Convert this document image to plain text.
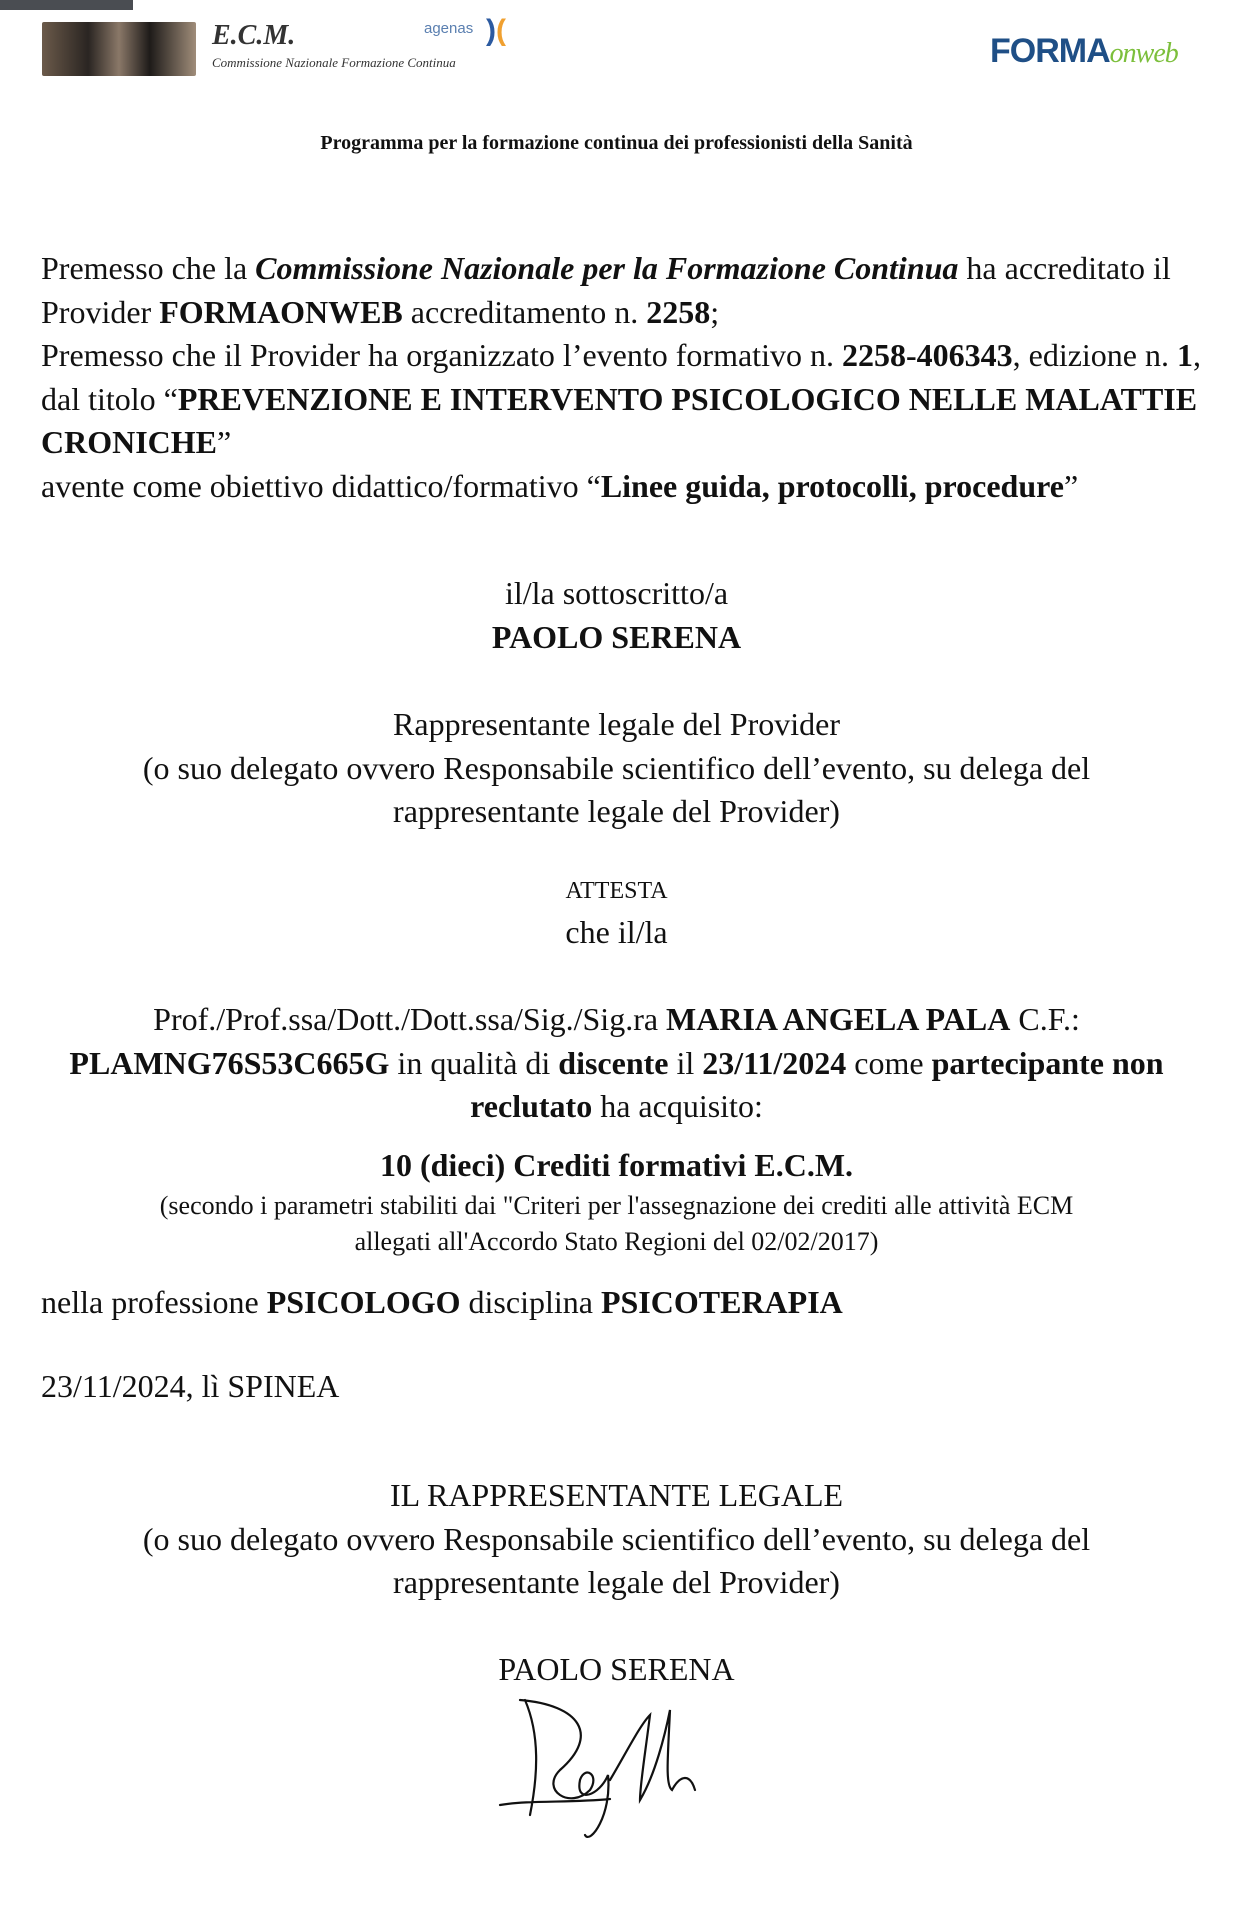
E.C.M.
Commissione Nazionale Formazione Continua
agenas )(
FORMAonweb
Programma per la formazione continua dei professionisti della Sanità
Premesso che la Commissione Nazionale per la Formazione Continua ha accreditato il Provider FORMAONWEB accreditamento n. 2258;
Premesso che il Provider ha organizzato l’evento formativo n. 2258-406343, edizione n. 1, dal titolo “PREVENZIONE E INTERVENTO PSICOLOGICO NELLE MALATTIE CRONICHE”
avente come obiettivo didattico/formativo “Linee guida, protocolli, procedure”
il/la sottoscritto/a
PAOLO SERENA
Rappresentante legale del Provider
(o suo delegato ovvero Responsabile scientifico dell’evento, su delega del
rappresentante legale del Provider)
ATTESTA
che il/la
Prof./Prof.ssa/Dott./Dott.ssa/Sig./Sig.ra MARIA ANGELA PALA C.F.: PLAMNG76S53C665G in qualità di discente il 23/11/2024 come partecipante non reclutato ha acquisito:
10 (dieci) Crediti formativi E.C.M.
(secondo i parametri stabiliti dai "Criteri per l'assegnazione dei crediti alle attività ECM
allegati all'Accordo Stato Regioni del 02/02/2017)
nella professione PSICOLOGO disciplina PSICOTERAPIA
23/11/2024, lì SPINEA
IL RAPPRESENTANTE LEGALE
(o suo delegato ovvero Responsabile scientifico dell’evento, su delega del
rappresentante legale del Provider)
PAOLO SERENA
